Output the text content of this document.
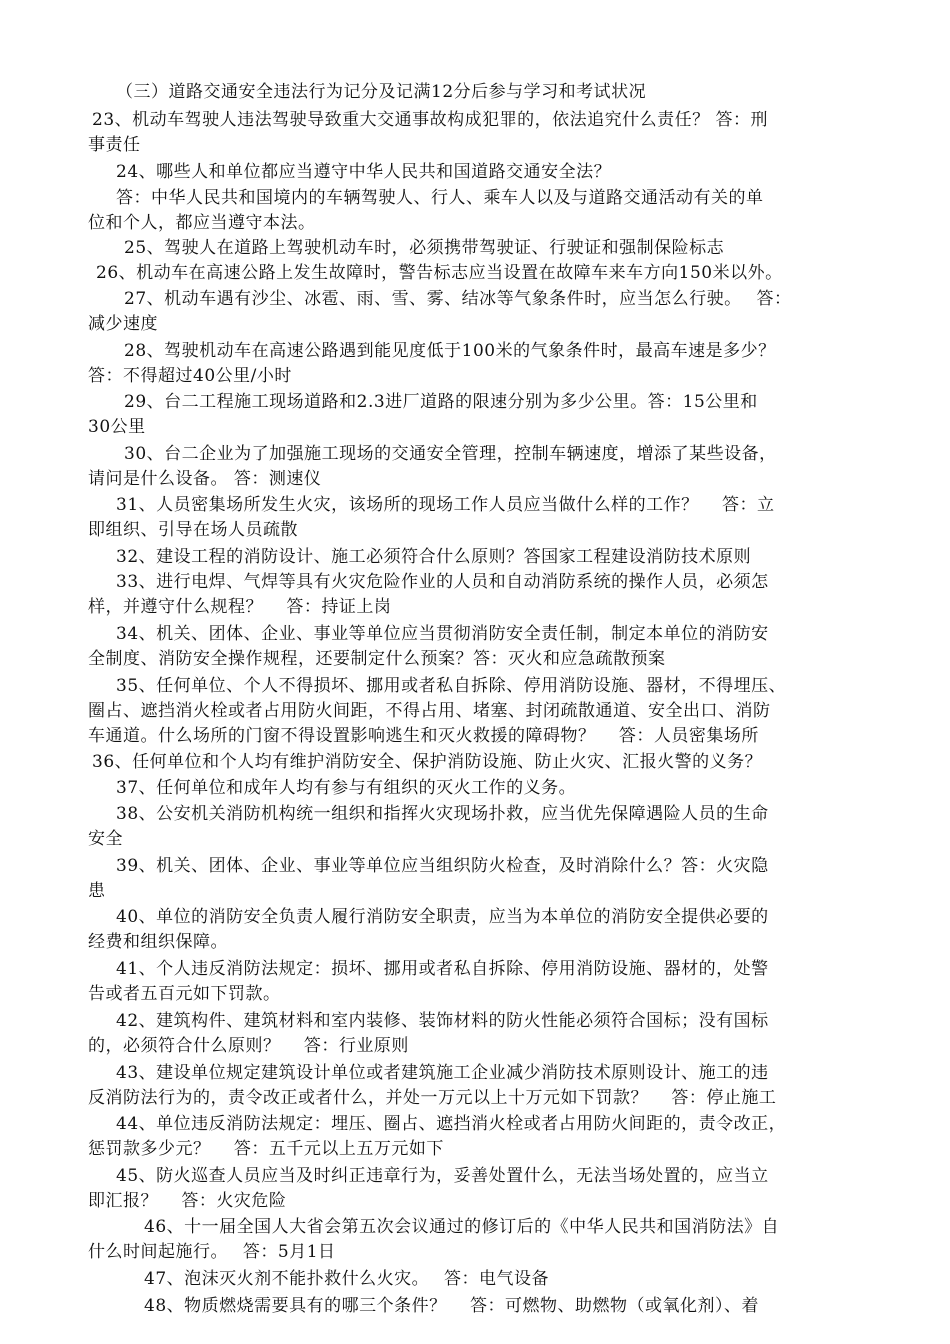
（三）道路交通安全违法行为记分及记满12分后参与学习和考试状况
23、机动车驾驶人违法驾驶导致重大交通事故构成犯罪的，依法追究什么责任？ 答：刑
事责任
24、哪些人和单位都应当遵守中华人民共和国道路交通安全法？
答：中华人民共和国境内的车辆驾驶人、行人、乘车人以及与道路交通活动有关的单
位和个人，都应当遵守本法。
25、驾驶人在道路上驾驶机动车时，必须携带驾驶证、行驶证和强制保险标志
26、机动车在高速公路上发生故障时，警告标志应当设置在故障车来车方向150米以外。
27、机动车遇有沙尘、冰雹、雨、雪、雾、结冰等气象条件时，应当怎么行驶。　 答：
减少速度
28、驾驶机动车在高速公路遇到能见度低于100米的气象条件时，最高车速是多少？
答：不得超过40公里/小时
29、台二工程施工现场道路和2.3进厂道路的限速分别为多少公里。答：15公里和
30公里
30、台二企业为了加强施工现场的交通安全管理，控制车辆速度，增添了某些设备，
请问是什么设备。 答：测速仪
31、人员密集场所发生火灾，该场所的现场工作人员应当做什么样的工作？　 答：立
即组织、引导在场人员疏散
32、建设工程的消防设计、施工必须符合什么原则？答国家工程建设消防技术原则
33、进行电焊、气焊等具有火灾危险作业的人员和自动消防系统的操作人员，必须怎
样，并遵守什么规程？　 答：持证上岗
34、机关、团体、企业、事业等单位应当贯彻消防安全责任制，制定本单位的消防安
全制度、消防安全操作规程，还要制定什么预案？答：灭火和应急疏散预案
35、任何单位、个人不得损坏、挪用或者私自拆除、停用消防设施、器材，不得埋压、
圈占、遮挡消火栓或者占用防火间距，不得占用、堵塞、封闭疏散通道、安全出口、消防
车通道。什么场所的门窗不得设置影响逃生和灭火救援的障碍物？　 答：人员密集场所
36、任何单位和个人均有维护消防安全、保护消防设施、防止火灾、汇报火警的义务？
37、任何单位和成年人均有参与有组织的灭火工作的义务。
38、公安机关消防机构统一组织和指挥火灾现场扑救，应当优先保障遇险人员的生命
安全
39、机关、团体、企业、事业等单位应当组织防火检查，及时消除什么？答：火灾隐
患
40、单位的消防安全负责人履行消防安全职责，应当为本单位的消防安全提供必要的
经费和组织保障。
41、个人违反消防法规定：损坏、挪用或者私自拆除、停用消防设施、器材的，处警
告或者五百元如下罚款。
42、建筑构件、建筑材料和室内装修、装饰材料的防火性能必须符合国标；没有国标
的，必须符合什么原则？　 答：行业原则
43、建设单位规定建筑设计单位或者建筑施工企业减少消防技术原则设计、施工的违
反消防法行为的，责令改正或者什么，并处一万元以上十万元如下罚款？　 答：停止施工
44、单位违反消防法规定：埋压、圈占、遮挡消火栓或者占用防火间距的，责令改正，
惩罚款多少元？　 答：五千元以上五万元如下
45、防火巡查人员应当及时纠正违章行为，妥善处置什么，无法当场处置的，应当立
即汇报？　 答：火灾危险
46、十一届全国人大省会第五次会议通过的修订后的《中华人民共和国消防法》自
什么时间起施行。　 答：5月1日
47、泡沫灭火剂不能扑救什么火灾。　 答：电气设备
48、物质燃烧需要具有的哪三个条件？　 答：可燃物、助燃物（或氧化剂）、着
